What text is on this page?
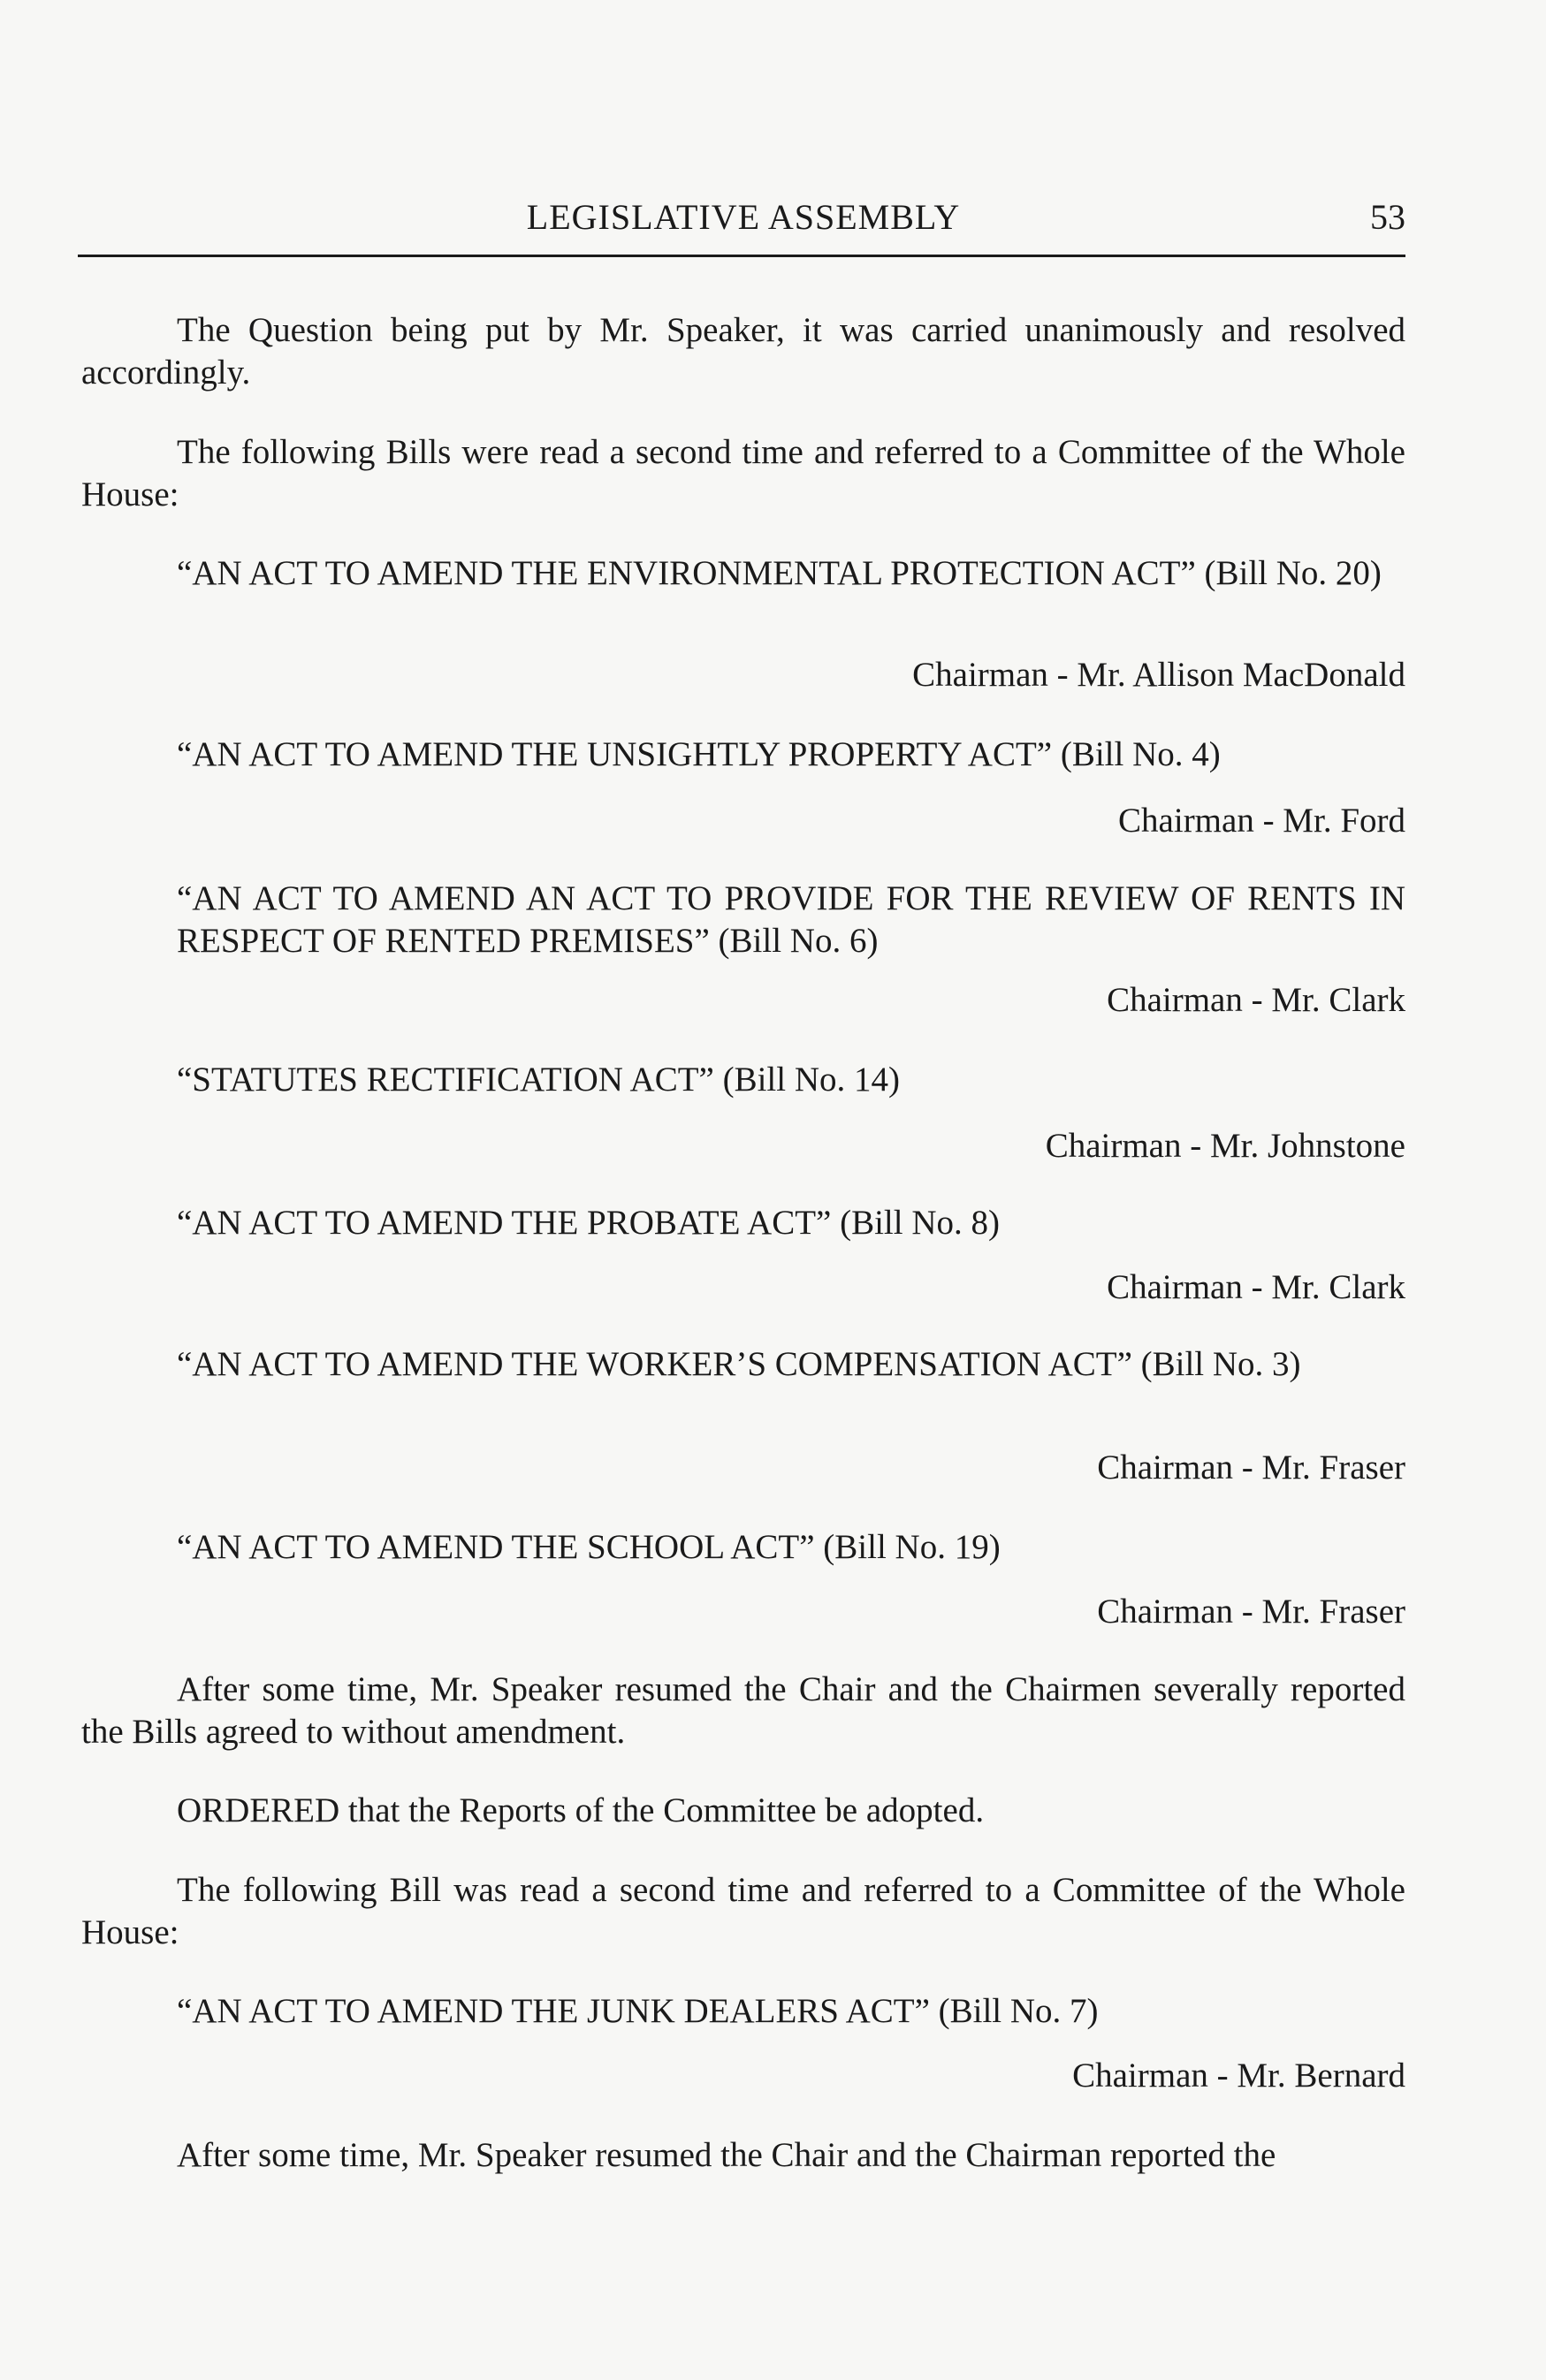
LEGISLATIVE ASSEMBLY	53

The Question being put by Mr. Speaker, it was carried unanimously and resolved accordingly.

The following Bills were read a second time and referred to a Committee of the Whole House:

“AN ACT TO AMEND THE ENVIRONMENTAL PROTECTION ACT” (Bill No. 20)

Chairman - Mr. Allison MacDonald

“AN ACT TO AMEND THE UNSIGHTLY PROPERTY ACT” (Bill No. 4)

Chairman - Mr. Ford

“AN ACT TO AMEND AN ACT TO PROVIDE FOR THE REVIEW OF RENTS IN RESPECT OF RENTED PREMISES” (Bill No. 6)

Chairman - Mr. Clark

“STATUTES RECTIFICATION ACT” (Bill No. 14)

Chairman - Mr. Johnstone

“AN ACT TO AMEND THE PROBATE ACT” (Bill No. 8)

Chairman - Mr. Clark

“AN ACT TO AMEND THE WORKER’S COMPENSATION ACT” (Bill No. 3)

Chairman - Mr. Fraser

“AN ACT TO AMEND THE SCHOOL ACT” (Bill No. 19)

Chairman - Mr. Fraser

After some time, Mr. Speaker resumed the Chair and the Chairmen severally reported the Bills agreed to without amendment.

ORDERED that the Reports of the Committee be adopted.

The following Bill was read a second time and referred to a Committee of the Whole House:

“AN ACT TO AMEND THE JUNK DEALERS ACT” (Bill No. 7)

Chairman - Mr. Bernard

After some time, Mr. Speaker resumed the Chair and the Chairman reported the
